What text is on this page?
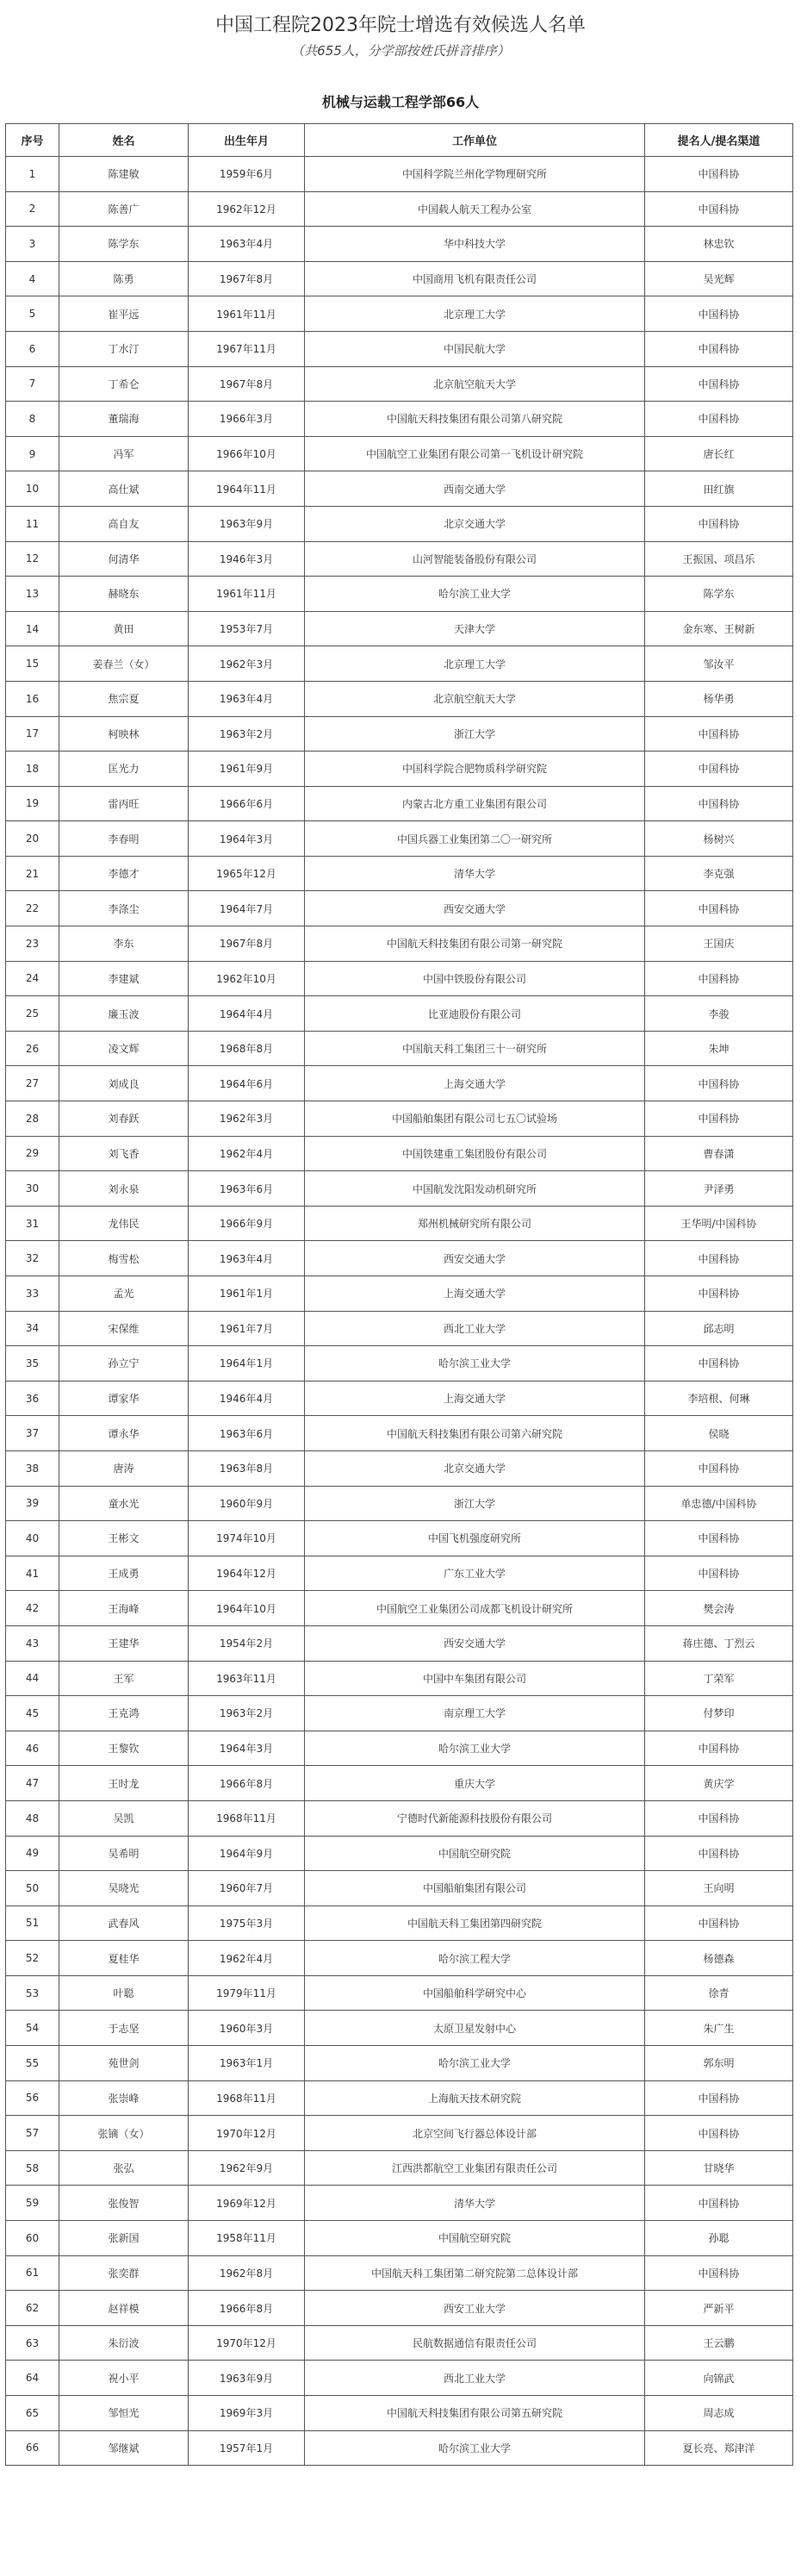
中国工程院2023年院士增选有效候选人名单
（共655人，分学部按姓氏拼音排序）
机械与运载工程学部66人
序号	姓名	出生年月	工作单位	提名人/提名渠道
1	陈建敏	1959年6月	中国科学院兰州化学物理研究所	中国科协
2	陈善广	1962年12月	中国载人航天工程办公室	中国科协
3	陈学东	1963年4月	华中科技大学	林忠钦
4	陈勇	1967年8月	中国商用飞机有限责任公司	吴光辉
5	崔平远	1961年11月	北京理工大学	中国科协
6	丁水汀	1967年11月	中国民航大学	中国科协
7	丁希仑	1967年8月	北京航空航天大学	中国科协
8	董瑞海	1966年3月	中国航天科技集团有限公司第八研究院	中国科协
9	冯军	1966年10月	中国航空工业集团有限公司第一飞机设计研究院	唐长红
10	高仕斌	1964年11月	西南交通大学	田红旗
11	高自友	1963年9月	北京交通大学	中国科协
12	何清华	1946年3月	山河智能装备股份有限公司	王振国、项昌乐
13	赫晓东	1961年11月	哈尔滨工业大学	陈学东
14	黄田	1953年7月	天津大学	金东寒、王树新
15	姜春兰（女）	1962年3月	北京理工大学	邹汝平
16	焦宗夏	1963年4月	北京航空航天大学	杨华勇
17	柯映林	1963年2月	浙江大学	中国科协
18	匡光力	1961年9月	中国科学院合肥物质科学研究院	中国科协
19	雷丙旺	1966年6月	内蒙古北方重工业集团有限公司	中国科协
20	李春明	1964年3月	中国兵器工业集团第二〇一研究所	杨树兴
21	李德才	1965年12月	清华大学	李克强
22	李涤尘	1964年7月	西安交通大学	中国科协
23	李东	1967年8月	中国航天科技集团有限公司第一研究院	王国庆
24	李建斌	1962年10月	中国中铁股份有限公司	中国科协
25	廉玉波	1964年4月	比亚迪股份有限公司	李骏
26	凌文辉	1968年8月	中国航天科工集团三十一研究所	朱坤
27	刘成良	1964年6月	上海交通大学	中国科协
28	刘春跃	1962年3月	中国船舶集团有限公司七五〇试验场	中国科协
29	刘飞香	1962年4月	中国铁建重工集团股份有限公司	曹春潇
30	刘永泉	1963年6月	中国航发沈阳发动机研究所	尹泽勇
31	龙伟民	1966年9月	郑州机械研究所有限公司	王华明/中国科协
32	梅雪松	1963年4月	西安交通大学	中国科协
33	孟光	1961年1月	上海交通大学	中国科协
34	宋保维	1961年7月	西北工业大学	邱志明
35	孙立宁	1964年1月	哈尔滨工业大学	中国科协
36	谭家华	1946年4月	上海交通大学	李培根、何琳
37	谭永华	1963年6月	中国航天科技集团有限公司第六研究院	侯晓
38	唐涛	1963年8月	北京交通大学	中国科协
39	童水光	1960年9月	浙江大学	单忠德/中国科协
40	王彬文	1974年10月	中国飞机强度研究所	中国科协
41	王成勇	1964年12月	广东工业大学	中国科协
42	王海峰	1964年10月	中国航空工业集团公司成都飞机设计研究所	樊会涛
43	王建华	1954年2月	西安交通大学	蒋庄德、丁烈云
44	王军	1963年11月	中国中车集团有限公司	丁荣军
45	王克鸿	1963年2月	南京理工大学	付梦印
46	王黎钦	1964年3月	哈尔滨工业大学	中国科协
47	王时龙	1966年8月	重庆大学	黄庆学
48	吴凯	1968年11月	宁德时代新能源科技股份有限公司	中国科协
49	吴希明	1964年9月	中国航空研究院	中国科协
50	吴晓光	1960年7月	中国船舶集团有限公司	王向明
51	武春风	1975年3月	中国航天科工集团第四研究院	中国科协
52	夏桂华	1962年4月	哈尔滨工程大学	杨德森
53	叶聪	1979年11月	中国船舶科学研究中心	徐青
54	于志坚	1960年3月	太原卫星发射中心	朱广生
55	苑世剑	1963年1月	哈尔滨工业大学	郭东明
56	张崇峰	1968年11月	上海航天技术研究院	中国科协
57	张镝（女）	1970年12月	北京空间飞行器总体设计部	中国科协
58	张弘	1962年9月	江西洪都航空工业集团有限责任公司	甘晓华
59	张俊智	1969年12月	清华大学	中国科协
60	张新国	1958年11月	中国航空研究院	孙聪
61	张奕群	1962年8月	中国航天科工集团第二研究院第二总体设计部	中国科协
62	赵祥模	1966年8月	西安工业大学	严新平
63	朱衍波	1970年12月	民航数据通信有限责任公司	王云鹏
64	祝小平	1963年9月	西北工业大学	向锦武
65	邹恒光	1969年3月	中国航天科技集团有限公司第五研究院	周志成
66	邹继斌	1957年1月	哈尔滨工业大学	夏长亮、郑津洋
